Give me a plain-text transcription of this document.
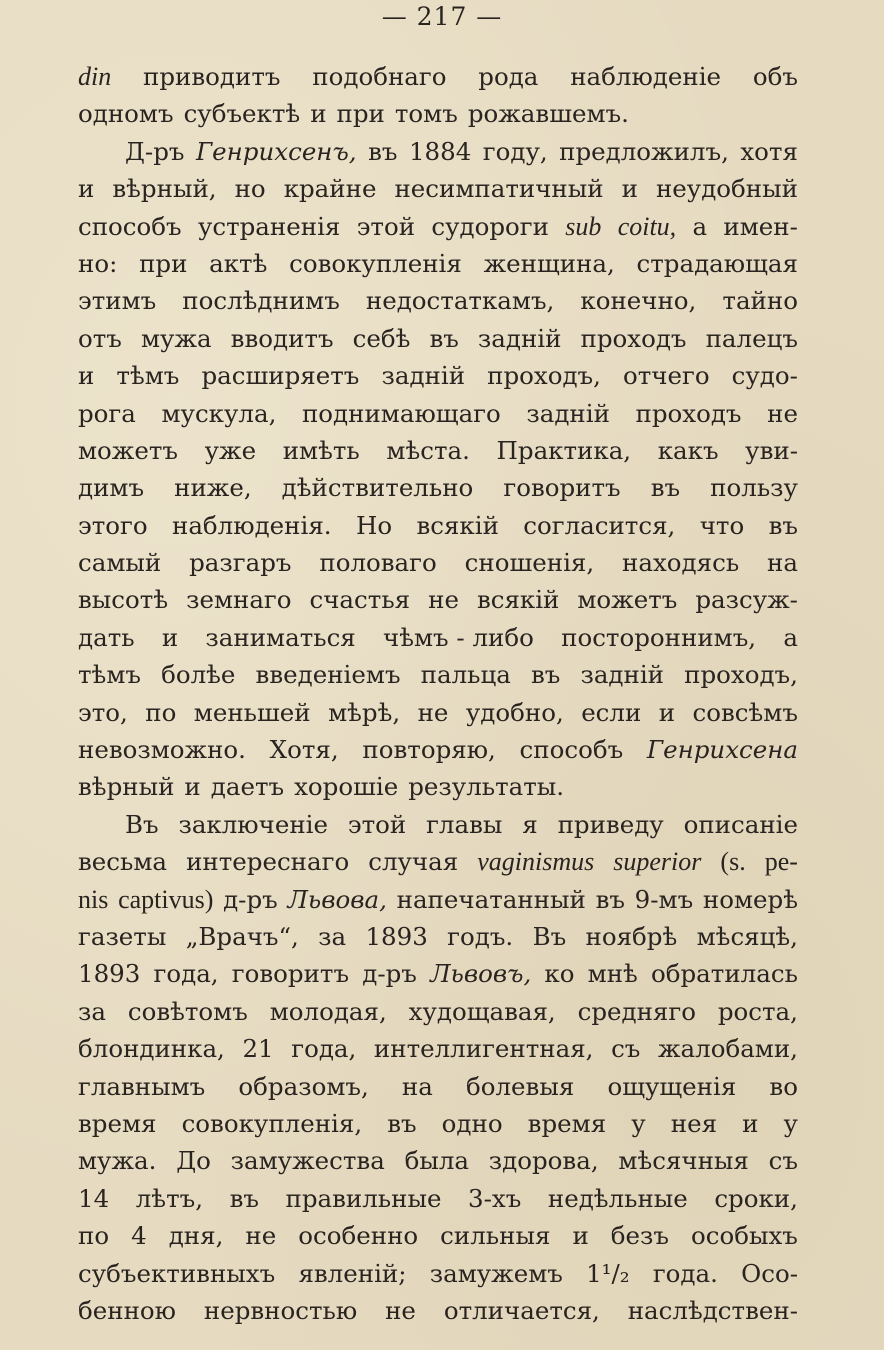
— 217 —
din приводитъ подобнаго рода наблюденіе объ
одномъ субъектѣ и при томъ рожавшемъ.
Д-ръ Генрихсенъ, въ 1884 году, предложилъ, хотя
и вѣрный, но крайне несимпатичный и неудобный
способъ устраненія этой судороги sub coitu, а имен-
но: при актѣ совокупленія женщина, страдающая
этимъ послѣднимъ недостаткамъ, конечно, тайно
отъ мужа вводитъ себѣ въ задній проходъ палецъ
и тѣмъ расширяетъ задній проходъ, отчего судо-
рога мускула, поднимающаго задній проходъ не
можетъ уже имѣть мѣста. Практика, какъ уви-
димъ ниже, дѣйствительно говоритъ въ пользу
этого наблюденія. Но всякій согласится, что въ
самый разгаръ половаго сношенія, находясь на
высотѣ земнаго счастья не всякій можетъ разсуж-
дать и заниматься чѣмъ - либо постороннимъ, а
тѣмъ болѣе введеніемъ пальца въ задній проходъ,
это, по меньшей мѣрѣ, не удобно, если и совсѣмъ
невозможно. Хотя, повторяю, способъ Генрихсена
вѣрный и даетъ хорошіе результаты.
Въ заключеніе этой главы я приведу описаніе
весьма интереснаго случая vaginismus superior (s. pe-
nis captivus) д-ръ Львова, напечатанный въ 9-мъ номерѣ
газеты „Врачъ“, за 1893 годъ. Въ ноябрѣ мѣсяцѣ,
1893 года, говоритъ д-ръ Львовъ, ко мнѣ обратилась
за совѣтомъ молодая, худощавая, средняго роста,
блондинка, 21 года, интеллигентная, съ жалобами,
главнымъ образомъ, на болевыя ощущенія во
время совокупленія, въ одно время у нея и у
мужа. До замужества была здорова, мѣсячныя съ
14 лѣтъ, въ правильные 3-хъ недѣльные сроки,
по 4 дня, не особенно сильныя и безъ особыхъ
субъективныхъ явленій; замужемъ 1¹/₂ года. Осо-
бенною нервностью не отличается, наслѣдствен-
